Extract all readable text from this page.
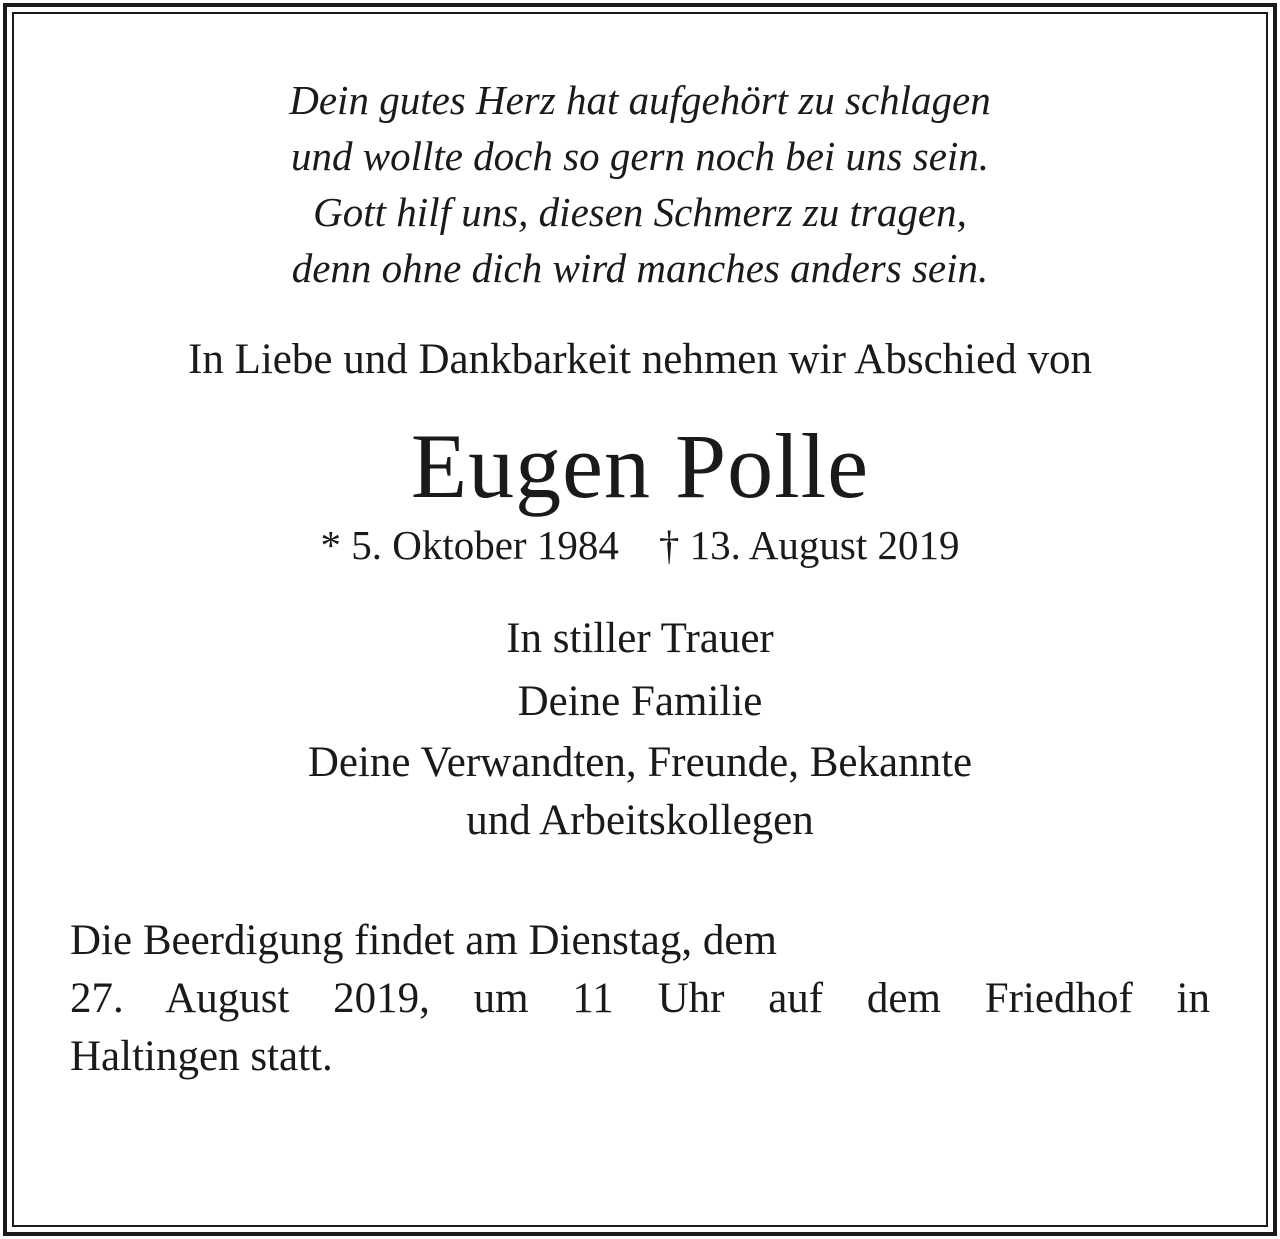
Dein gutes Herz hat aufgehört zu schlagen
und wollte doch so gern noch bei uns sein.
Gott hilf uns, diesen Schmerz zu tragen,
denn ohne dich wird manches anders sein.

In Liebe und Dankbarkeit nehmen wir Abschied von
Eugen Polle
* 5. Oktober 1984 † 13. August 2019
In stiller Trauer
Deine Familie
Deine Verwandten, Freunde, Bekannte
und Arbeitskollegen
Die Beerdigung findet am Dienstag, dem
27. August 2019, um 11 Uhr auf dem Friedhof in
Haltingen statt.
